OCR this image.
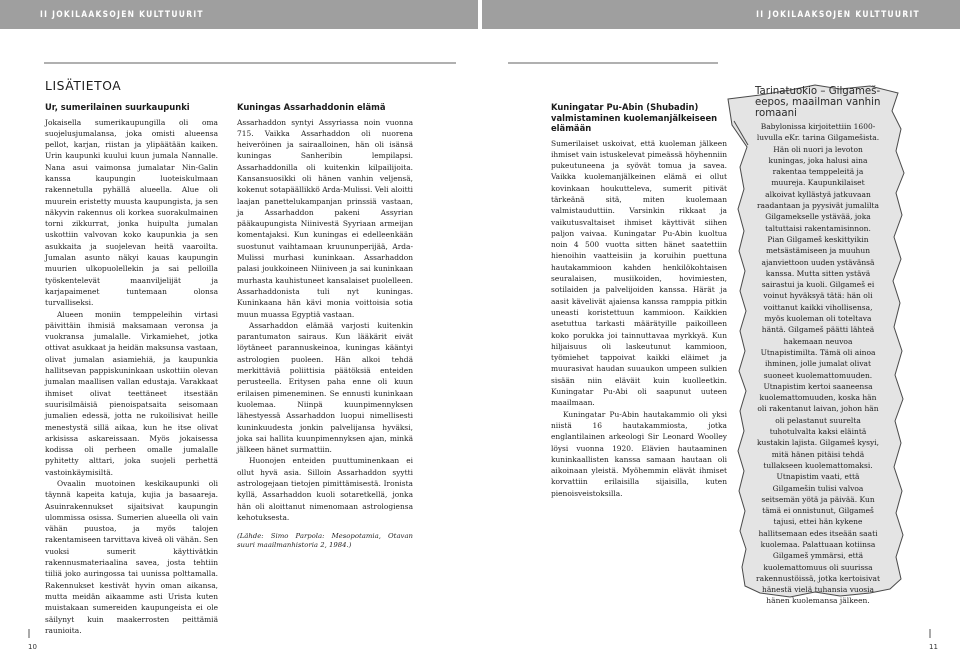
II JOKILAAKSOJEN KULTTUURIT	II JOKILAAKSOJEN KULTTUURIT
LISÄTIETOA
Ur, sumerilainen suurkaupunki

Jokaisella sumerikaupungilla oli oma suojelusjumalansa, joka omisti alueensa pellot, karjan, riistan ja ylipäätään kaiken. Urin kaupunki kuului kuun jumala Nannalle. Nana asui vaimonsa jumalatar Nin-Galin kanssa kaupungin luoteiskulmaan rakennetulla pyhällä alueella. Alue oli muurein eristetty muusta kaupungista, ja sen näkyvin rakennus oli korkea suorakulmainen torni zikkurrat, jonka huipulta jumalan uskottiin valvovan koko kaupunkia ja sen asukkaita ja suojelevan heitä vaaroilta. Jumalan asunto näkyi kauas kaupungin muurien ulkopuolellekin ja sai pelloilla työskentelevät maanviljelijät ja karjapaimenet tuntemaan olonsa turvalliseksi.

Alueen moniin temppeleihin virtasi päivittäin ihmisiä maksamaan veronsa ja vuokransa jumalalle. Virkamiehet, jotka ottivat asukkaat ja heidän maksunsa vastaan, olivat jumalan asiamiehiä, ja kaupunkia hallitsevan pappiskuninkaan uskottiin olevan jumalan maallisen vallan edustaja. Varakkaat ihmiset olivat teettäneet itsestään suurisilmäisiä pienoispatsaita seisomaan jumalien edessä, jotta ne rukoilisivat heille menestystä sillä aikaa, kun he itse olivat arkisissa askareissaan. Myös jokaisessa kodissa oli perheen omalle jumalalle pyhitetty alttari, joka suojeli perhettä vastoinkäymisiltä.

Ovaalin muotoinen keskikaupunki oli täynnä kapeita katuja, kujia ja basaareja. Asuinrakennukset sijaitsivat kaupungin ulommissa osissa. Sumerien alueella oli vain vähän puustoa, ja myös talojen rakentamiseen tarvittava kiveä oli vähän. Sen vuoksi sumerit käyttivätkin rakennusmateriaalina savea, josta tehtiin tiiliä joko auringossa tai uunissa polttamalla. Rakennukset kestivät hyvin oman aikansa, mutta meidän aikaamme asti Urista kuten muistakaan sumereiden kaupungeista ei ole säilynyt kuin maakerrosten peittämiä raunioita.

Kuningas Assarhaddonin elämä

Assarhaddon syntyi Assyriassa noin vuonna 715. Vaikka Assarhaddon oli nuorena heiveröinen ja sairaalloinen, hän oli isänsä kuningas Sanheribin lempilapsi. Assarhaddonilla oli kuitenkin kilpailijoita. Kansansuosikki oli hänen vanhin veljensä, kokenut sotapäällikkö Arda-Mulissi. Veli aloitti laajan panettelukampanjan prinssiä vastaan, ja Assarhaddon pakeni Assyrian pääkaupungista Niinivestä Syyriaan armeijan komentajaksi. Kun kuningas ei edelleenkään suostunut vaihtamaan kruununperijää, Arda-Mulissi murhasi kuninkaan. Assarhaddon palasi joukkoineen Niiniveen ja sai kuninkaan murhasta kauhistuneet kansalaiset puolelleen. Assarhaddonista tuli nyt kuningas. Kuninkaana hän kävi monia voittoisia sotia muun muassa Egyptiä vastaan.

Assarhaddon elämää varjosti kuitenkin parantumaton sairaus. Kun lääkärit eivät löytäneet parannuskeinoa, kuningas kääntyi astrologien puoleen. Hän alkoi tehdä merkittäviä poliittisia päätöksiä enteiden perusteella. Eritysen paha enne oli kuun erilaisen pimeneminen. Se ennusti kuninkaan kuolemaa. Niinpä kuunpimennyksen lähestyessä Assarhaddon luopui nimellisesti kuninkuudesta jonkin palvelijansa hyväksi, joka sai hallita kuunpimennyksen ajan, minkä jälkeen hänet surmattiin.

Huonojen enteiden puuttuminenkaan ei ollut hyvä asia. Silloin Assarhaddon syytti astrologejaan tietojen pimittämisestä. Ironista kyllä, Assarhaddon kuoli sotaretkellä, jonka hän oli aloittanut nimenomaan astrologiensa kehotuksesta.

(Lähde: Simo Parpola: Mesopotamia, Otavan suuri maailmanhistoria 2, 1984.)

Kuningatar Pu-Abin (Shubadin) valmistaminen kuolemanjälkeiseen elämään

Sumerilaiset uskoivat, että kuoleman jälkeen ihmiset vain istuskelevat pimeässä höyhenniin pukeutuneena ja syövät tomua ja savea. Vaikka kuolemanjälkeinen elämä ei ollut kovinkaan houkutteleva, sumerit pitivät tärkeänä sitä, miten kuolemaan valmistauduttiin. Varsinkin rikkaat ja vaikutusvaltaiset ihmiset käyttivät siihen paljon vaivaa. Kuningatar Pu-Abin kuoltua noin 4 500 vuotta sitten hänet saatettiin hienoihin vaatteisiin ja koruihin puettuna hautakammioon kahden henkilökohtaisen seuralaisen, musiikoiden, hovimiesten, sotilaiden ja palvelijoiden kanssa. Härät ja aasit kävelivät ajaiensa kanssa ramppia pitkin uneasti koristettuun kammioon. Kaikkien asetuttua tarkasti määrätyille paikoilleen koko porukka joi tainnuttavaa myrkkyä. Kun hiljaisuus oli laskeutunut kammioon, työmiehet tappoivat kaikki eläimet ja muurasivat haudan suuaukon umpeen sulkien sisään niin eläväit kuin kuolleetkin. Kuningatar Pu-Abi oli saapunut uuteen maailmaan.

Kuningatar Pu-Abin hautakammio oli yksi niistä 16 hautakammiosta, jotka englantilainen arkeologi Sir Leonard Woolley löysi vuonna 1920. Elävien hautaaminen kuninkaallisten kanssa samaan hautaan oli aikoinaan yleistä. Myöhemmin elävät ihmiset korvattiin erilaisilla sijaisilla, kuten pienoisveistoksilla.

Tarinatuokio – Gilgameš-eepos, maailman vanhin romaani

Babylonissa kirjoitettiin 1600-luvulla eKr. tarina Gilgamešista. Hän oli nuori ja levoton kuningas, joka halusi aina rakentaa temppeleitä ja muureja. Kaupunkilaiset alkoivat kyllästyä jatkuvaan raadantaan ja pyysivät jumalilta Gilgamekselle ystävää, joka taltuttaisi rakentamisinnon. Pian Gilgameš keskittyikin metsästämiseen ja muuhun ajanviettoon uuden ystävänsä kanssa. Mutta sitten ystävä sairastui ja kuoli. Gilgameš ei voinut hyväksyä tätä: hän oli voittanut kaikki vihollisensa, myös kuoleman oli toteltava häntä. Gilgameš päätti lähteä hakemaan neuvoa Utnapistimilta. Tämä oli ainoa ihminen, jolle jumalat olivat suoneet kuolemattomuuden.

Utnapistim kertoi saaneensa kuolemattomuuden, koska hän oli rakentanut laivan, johon hän oli pelastanut suurelta tuhotulvalta kaksi eläintä kustakin lajista. Gilgameš kysyi, mitä hänen pitäisi tehdä tullakseen kuolemattomaksi. Utnapistim vaati, että Gilgamešin tulisi valvoa seitsemän yötä ja päivää. Kun tämä ei onnistunut, Gilgameš tajusi, ettei hän kykene hallitsemaan edes itseään saati kuolemaa. Palattuaan kotiinsa Gilgameš ymmärsi, että kuolemattomuus oli suurissa rakennustöissä, jotka kertoisivat hänestä vielä tuhansia vuosia hänen kuolemansa jälkeen.

10	11
